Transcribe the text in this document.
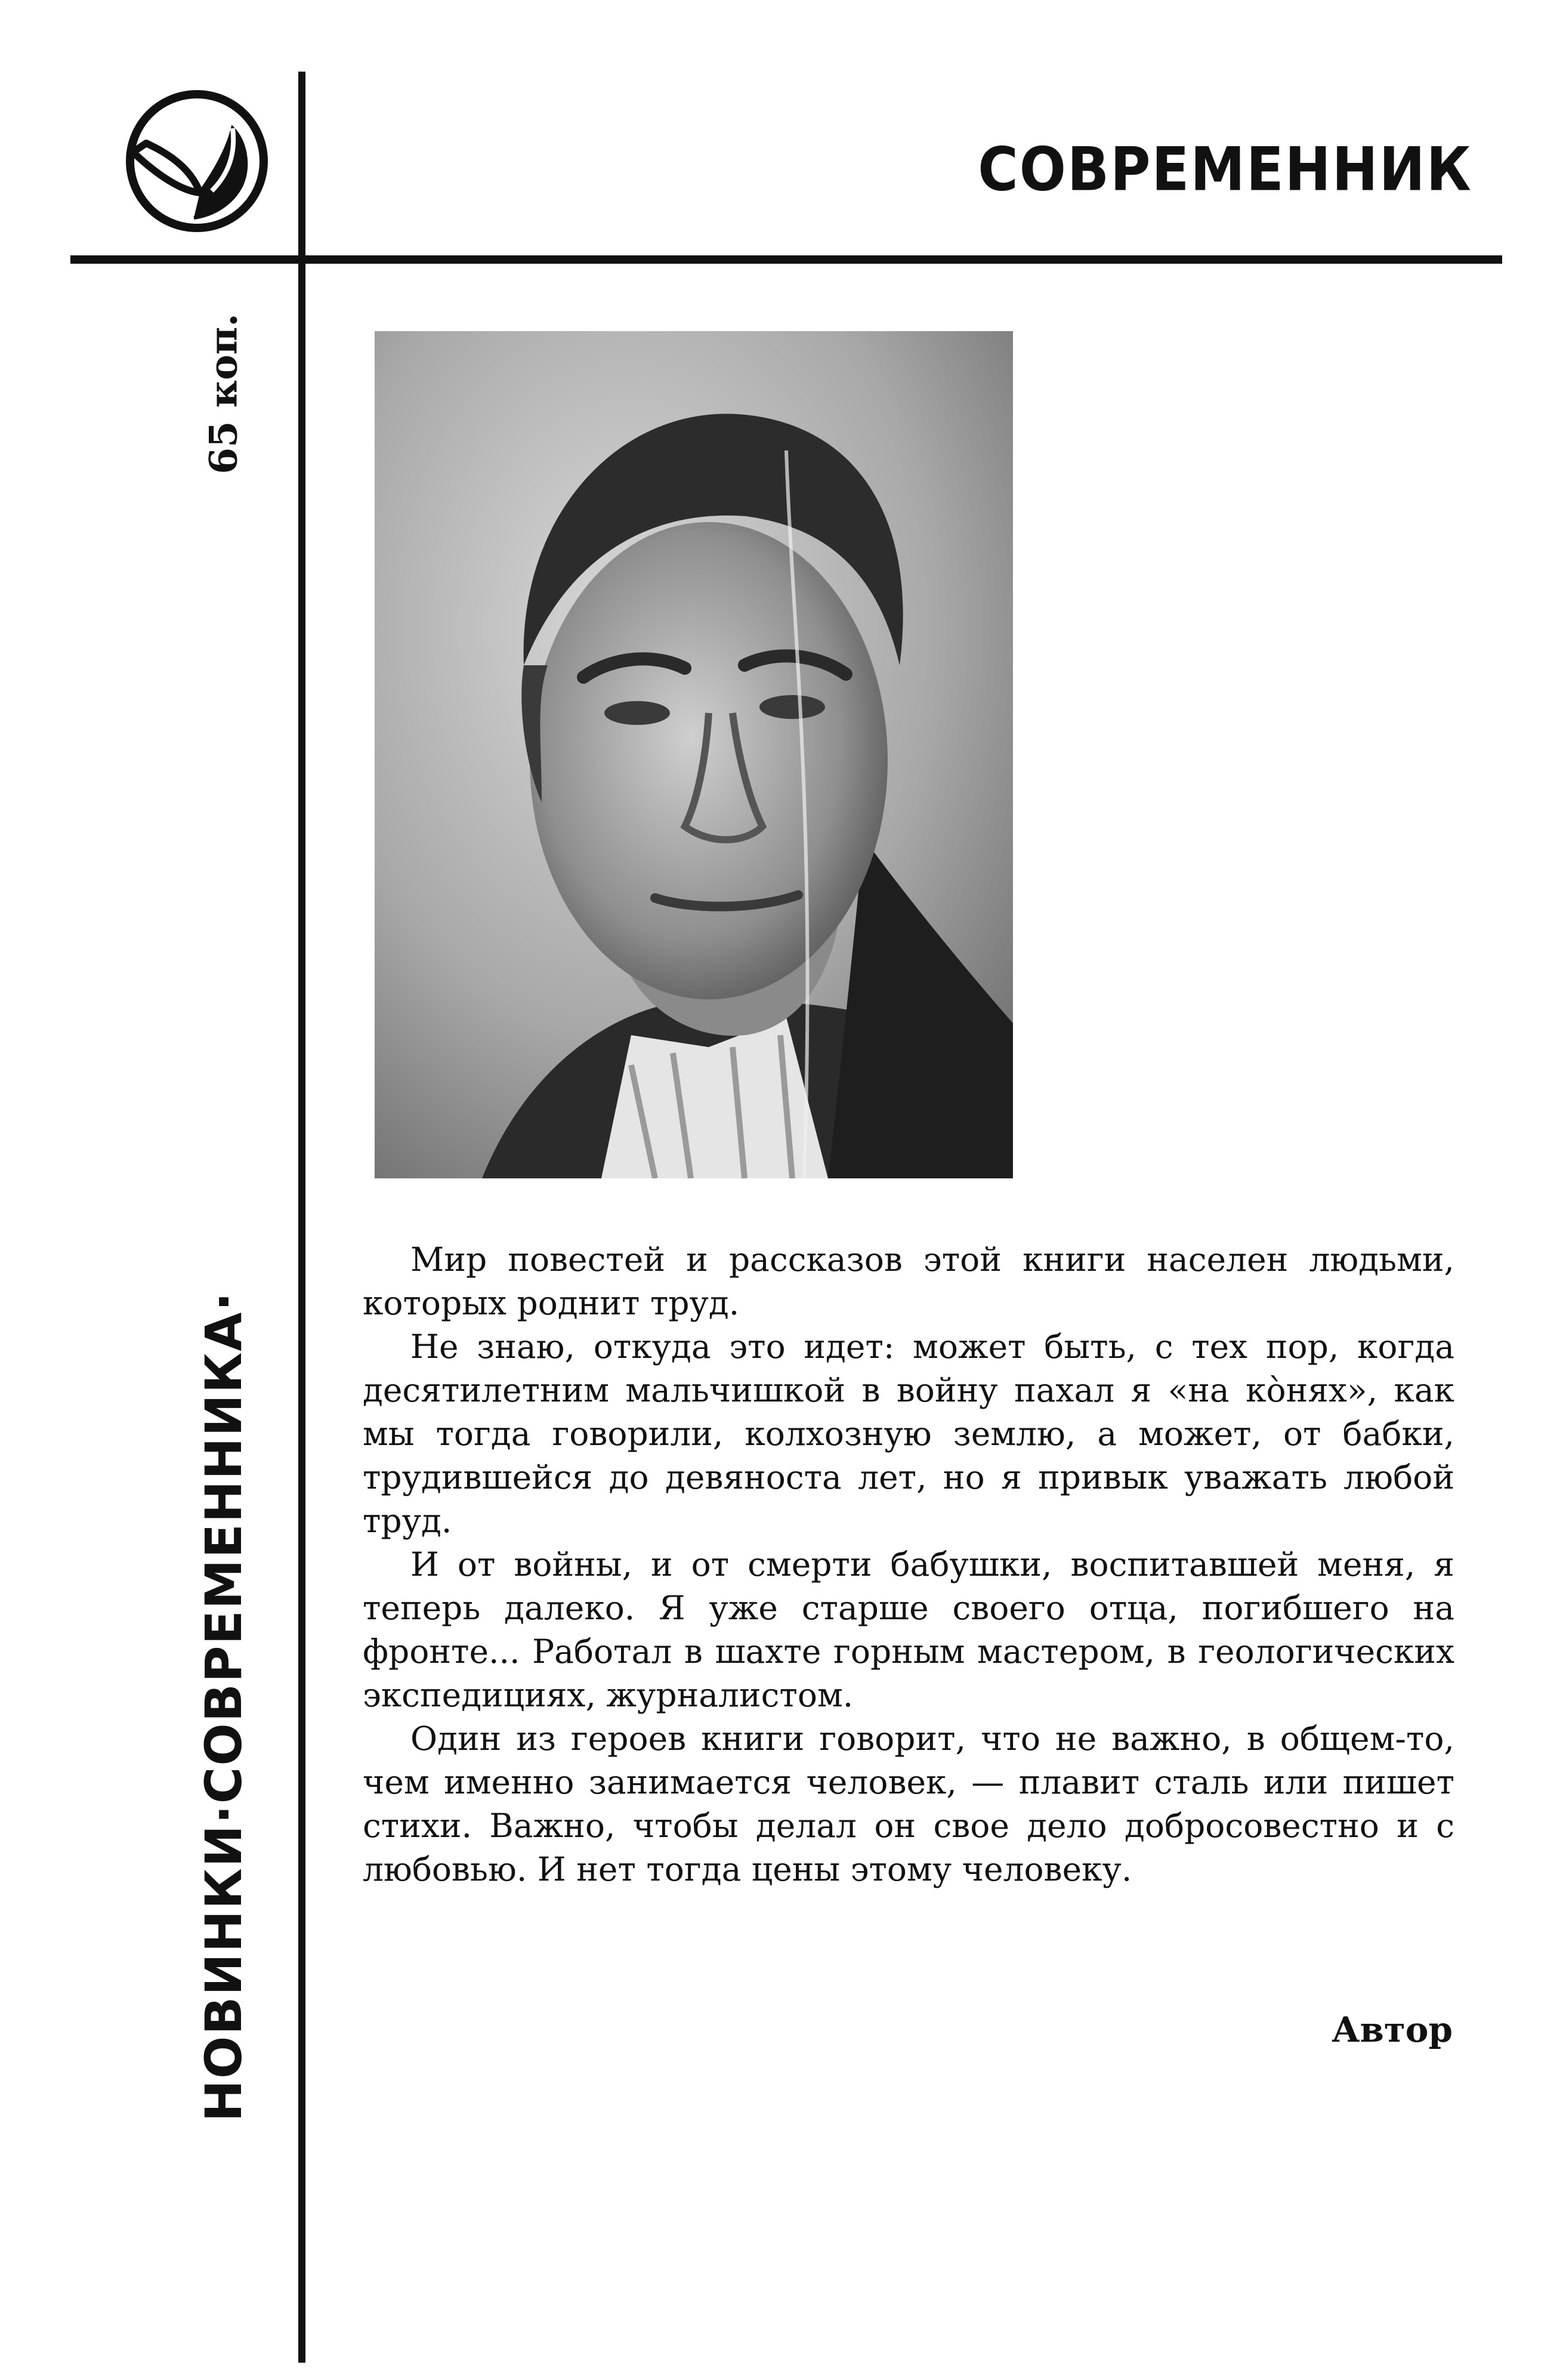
СОВРЕМЕННИК
65 коп.
НОВИНКИ·СОВРЕМЕННИКА·

Мир повестей и рассказов этой книги населен людьми, которых роднит труд.

Не знаю, откуда это идет: может быть, с тех пор, когда десятилетним мальчишкой в войну пахал я «на кòнях», как мы тогда говорили, колхозную землю, а может, от бабки, трудившейся до девяноста лет, но я привык уважать любой труд.

И от войны, и от смерти бабушки, воспитавшей меня, я теперь далеко. Я уже старше своего отца, погибшего на фронте... Работал в шахте горным мастером, в геологических экспедициях, журналистом.

Один из героев книги говорит, что не важно, в общем-то, чем именно занимается человек, — плавит сталь или пишет стихи. Важно, чтобы делал он свое дело добросовестно и с любовью. И нет тогда цены этому человеку.

Автор
